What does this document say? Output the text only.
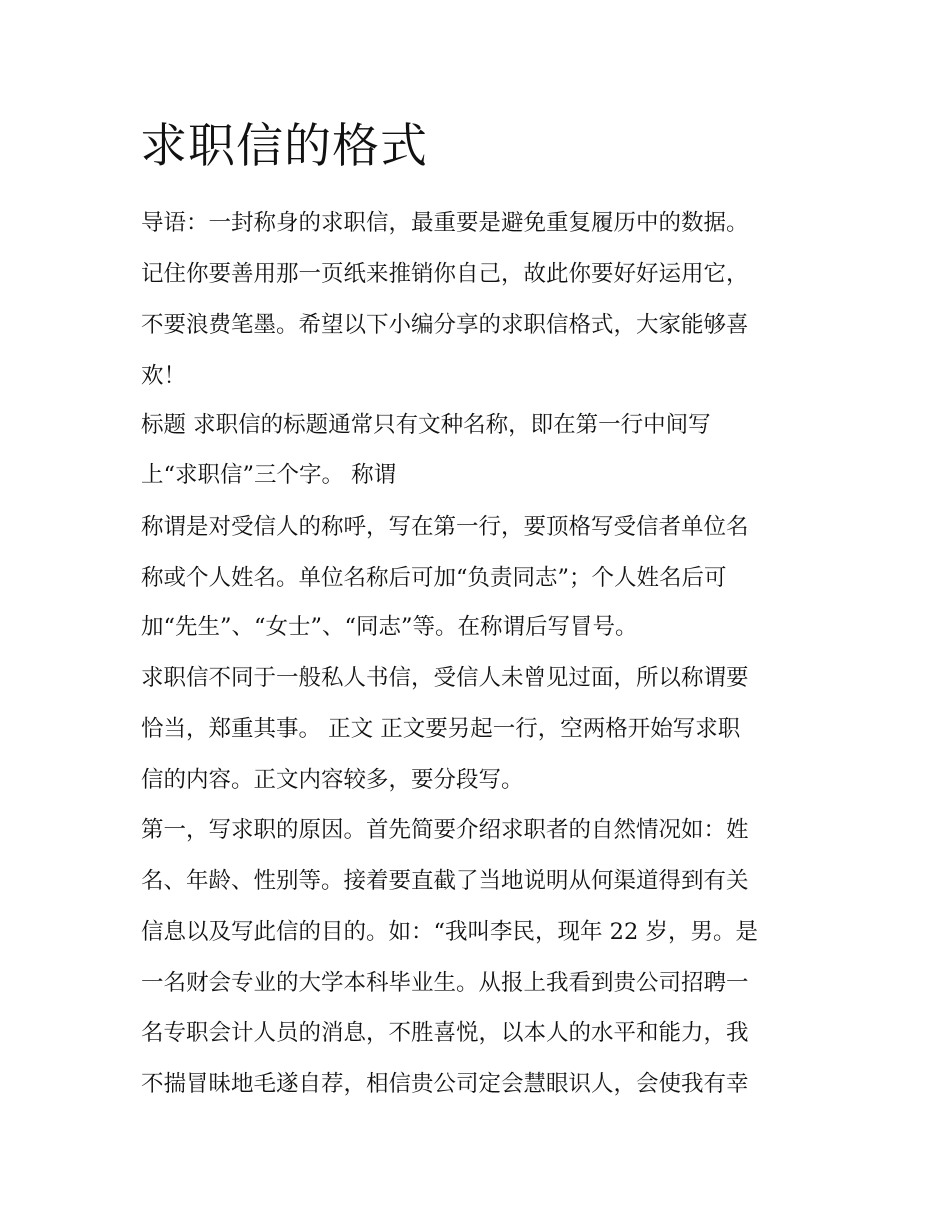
求职信的格式

导语：一封称身的求职信，最重要是避免重复履历中的数据。

记住你要善用那一页纸来推销你自己，故此你要好好运用它，

不要浪费笔墨。希望以下小编分享的求职信格式，大家能够喜

欢！

标题 求职信的标题通常只有文种名称，即在第一行中间写

上“求职信”三个字。 称谓

称谓是对受信人的称呼，写在第一行，要顶格写受信者单位名

称或个人姓名。单位名称后可加“负责同志”；个人姓名后可

加“先生”、“女士”、“同志”等。在称谓后写冒号。

求职信不同于一般私人书信，受信人未曾见过面，所以称谓要

恰当，郑重其事。 正文 正文要另起一行，空两格开始写求职

信的内容。正文内容较多，要分段写。

第一，写求职的原因。首先简要介绍求职者的自然情况如：姓

名、年龄、性别等。接着要直截了当地说明从何渠道得到有关

信息以及写此信的目的。如：“我叫李民，现年 22 岁，男。是

一名财会专业的大学本科毕业生。从报上我看到贵公司招聘一

名专职会计人员的消息，不胜喜悦，以本人的水平和能力，我

不揣冒昧地毛遂自荐，相信贵公司定会慧眼识人，会使我有幸
